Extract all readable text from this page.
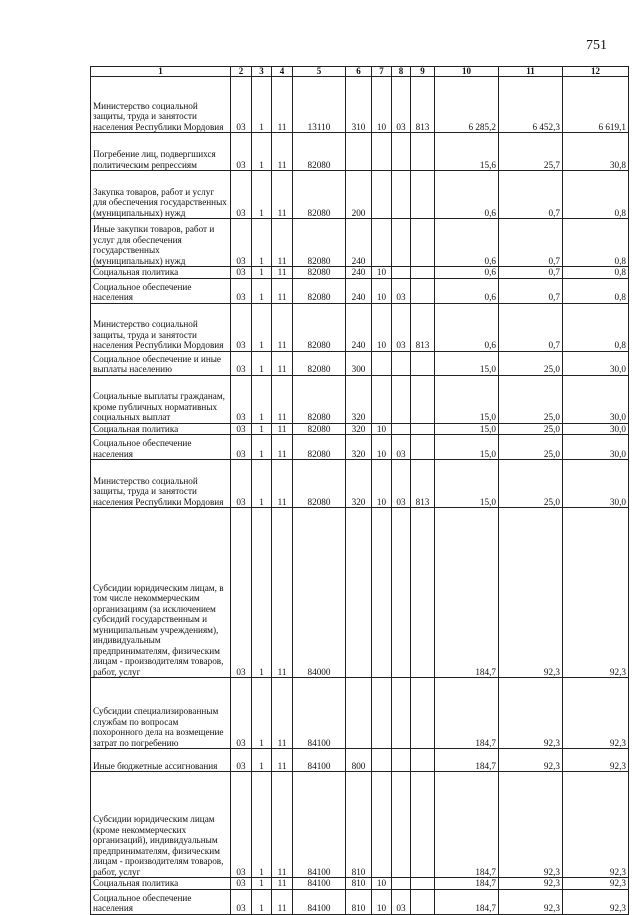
751
1	2	3	4	5	6	7	8	9	10	11	12
Министерство социальной защиты, труда и занятости населения Республики Мордовия	03	1	11	13110	310	10	03	813	6 285,2	6 452,3	6 619,1
Погребение лиц, подвергшихся политическим репрессиям	03	1	11	82080					15,6	25,7	30,8
Закупка товаров, работ и услуг для обеспечения государственных (муниципальных) нужд	03	1	11	82080	200				0,6	0,7	0,8
Иные закупки товаров, работ и услуг для обеспечения государственных (муниципальных) нужд	03	1	11	82080	240				0,6	0,7	0,8
Социальная политика	03	1	11	82080	240	10			0,6	0,7	0,8
Социальное обеспечение населения	03	1	11	82080	240	10	03		0,6	0,7	0,8
Министерство социальной защиты, труда и занятости населения Республики Мордовия	03	1	11	82080	240	10	03	813	0,6	0,7	0,8
Социальное обеспечение и иные выплаты населению	03	1	11	82080	300				15,0	25,0	30,0
Социальные выплаты гражданам, кроме публичных нормативных социальных выплат	03	1	11	82080	320				15,0	25,0	30,0
Социальная политика	03	1	11	82080	320	10			15,0	25,0	30,0
Социальное обеспечение населения	03	1	11	82080	320	10	03		15,0	25,0	30,0
Министерство социальной защиты, труда и занятости населения Республики Мордовия	03	1	11	82080	320	10	03	813	15,0	25,0	30,0
Субсидии юридическим лицам, в том числе некоммерческим организациям (за исключением субсидий государственным и муниципальным учреждениям), индивидуальным предпринимателям, физическим лицам - производителям товаров, работ, услуг	03	1	11	84000					184,7	92,3	92,3
Субсидии специализированным службам по вопросам похоронного дела на возмещение затрат по погребению	03	1	11	84100					184,7	92,3	92,3
Иные бюджетные ассигнования	03	1	11	84100	800				184,7	92,3	92,3
Субсидии юридическим лицам (кроме некоммерческих организаций), индивидуальным предпринимателям, физическим лицам - производителям товаров, работ, услуг	03	1	11	84100	810				184,7	92,3	92,3
Социальная политика	03	1	11	84100	810	10			184,7	92,3	92,3
Социальное обеспечение населения	03	1	11	84100	810	10	03		184,7	92,3	92,3
